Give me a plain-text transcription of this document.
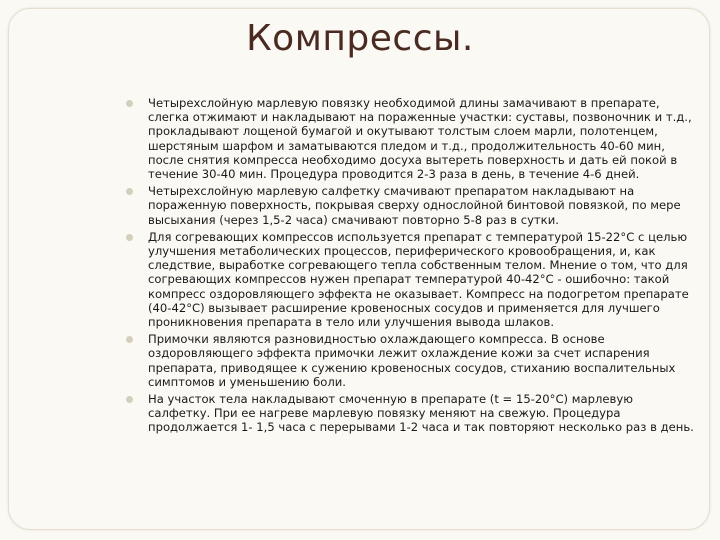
Компрессы.
Четырехслойную марлевую повязку необходимой длины замачивают в препарате, слегка отжимают и накладывают на пораженные участки: суставы, позвоночник и т.д., прокладывают лощеной бумагой и окутывают толстым слоем марли, полотенцем, шерстяным шарфом и заматываются пледом и т.д., продолжительность 40-60 мин, после снятия компресса необходимо досуха вытереть поверхность и дать ей покой в течение 30-40 мин. Процедура проводится 2-3 раза в день, в течение 4-6 дней.
Четырехслойную марлевую салфетку смачивают препаратом накладывают на пораженную поверхность, покрывая сверху однослойной бинтовой повязкой, по мере высыхания (через 1,5-2 часа) смачивают повторно 5-8 раз в сутки.
Для согревающих компрессов используется препарат с температурой 15-22°С с целью улучшения метаболических процессов, периферического кровообращения, и, как следствие, выработке согревающего тепла собственным телом. Мнение о том, что для согревающих компрессов нужен препарат температурой 40-42°С - ошибочно: такой компресс оздоровляющего эффекта не оказывает. Компресс на подогретом препарате (40-42°С) вызывает расширение кровеносных сосудов и применяется для лучшего проникновения препарата в тело или улучшения вывода шлаков.
Примочки являются разновидностью охлаждающего компресса. В основе оздоровляющего эффекта примочки лежит охлаждение кожи за счет испарения препарата, приводящее к сужению кровеносных сосудов, стиханию воспалительных симптомов и уменьшению боли.
На участок тела накладывают смоченную в препарате (t = 15-20°С) марлевую салфетку. При ее нагреве марлевую повязку меняют на свежую. Процедура продолжается 1- 1,5 часа с перерывами 1-2 часа и так повторяют несколько раз в день.
